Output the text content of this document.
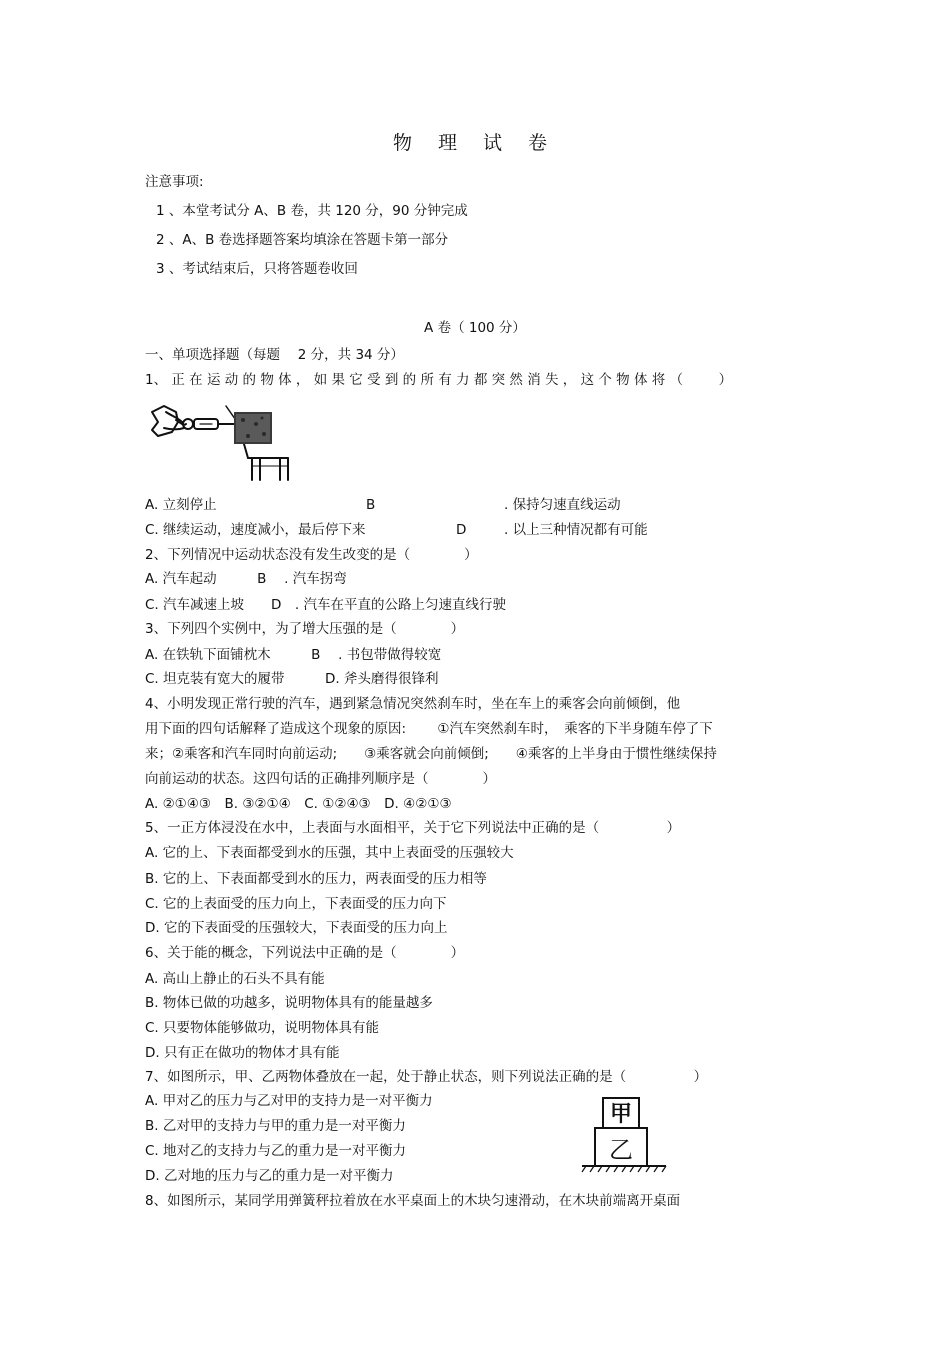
物 理 试 卷
注意事项:
1 、本堂考试分 A、B 卷，共 120 分，90 分钟完成
2 、A、B 卷选择题答案均填涂在答题卡第一部分
3 、考试结束后，只将答题卷收回
A 卷（ 100 分）
一、单项选择题（每题　 2 分，共 34 分）
1、 正 在 运 动 的 物 体 ， 如 果 它 受 到 的 所 有 力 都 突 然 消 失 ， 这 个 物 体 将 （ 　　 ）
A. 立刻停止	B	. 保持匀速直线运动
C. 继续运动，速度减小，最后停下来	D	. 以上三种情况都有可能
2、下列情况中运动状态没有发生改变的是（　　　　）
A. 汽车起动　　　B　 . 汽车拐弯
C. 汽车减速上坡　　D　. 汽车在平直的公路上匀速直线行驶
3、下列四个实例中，为了增大压强的是（　　　　）
A. 在铁轨下面铺枕木　　　B　 . 书包带做得较宽
C. 坦克装有宽大的履带　　　D. 斧头磨得很锋利
4、小明发现正常行驶的汽车，遇到紧急情况突然刹车时，坐在车上的乘客会向前倾倒，他
用下面的四句话解释了造成这个现象的原因:　　 ①汽车突然刹车时，　乘客的下半身随车停了下
来；②乘客和汽车同时向前运动;　　③乘客就会向前倾倒;　　④乘客的上半身由于惯性继续保持
向前运动的状态。这四句话的正确排列顺序是（　　　　）
A. ②①④③　B. ③②①④　C. ①②④③　D. ④②①③
5、一正方体浸没在水中，上表面与水面相平，关于它下列说法中正确的是（　　　　　）
A. 它的上、下表面都受到水的压强，其中上表面受的压强较大
B. 它的上、下表面都受到水的压力，两表面受的压力相等
C. 它的上表面受的压力向上，下表面受的压力向下
D. 它的下表面受的压强较大，下表面受的压力向上
6、关于能的概念，下列说法中正确的是（　　　　）
A. 高山上静止的石头不具有能
B. 物体已做的功越多，说明物体具有的能量越多
C. 只要物体能够做功，说明物体具有能
D. 只有正在做功的物体才具有能
7、如图所示，甲、乙两物体叠放在一起，处于静止状态，则下列说法正确的是（　　　　　）
A. 甲对乙的压力与乙对甲的支持力是一对平衡力
B. 乙对甲的支持力与甲的重力是一对平衡力
C. 地对乙的支持力与乙的重力是一对平衡力
D. 乙对地的压力与乙的重力是一对平衡力
甲
乙
8、如图所示，某同学用弹簧秤拉着放在水平桌面上的木块匀速滑动，在木块前端离开桌面
